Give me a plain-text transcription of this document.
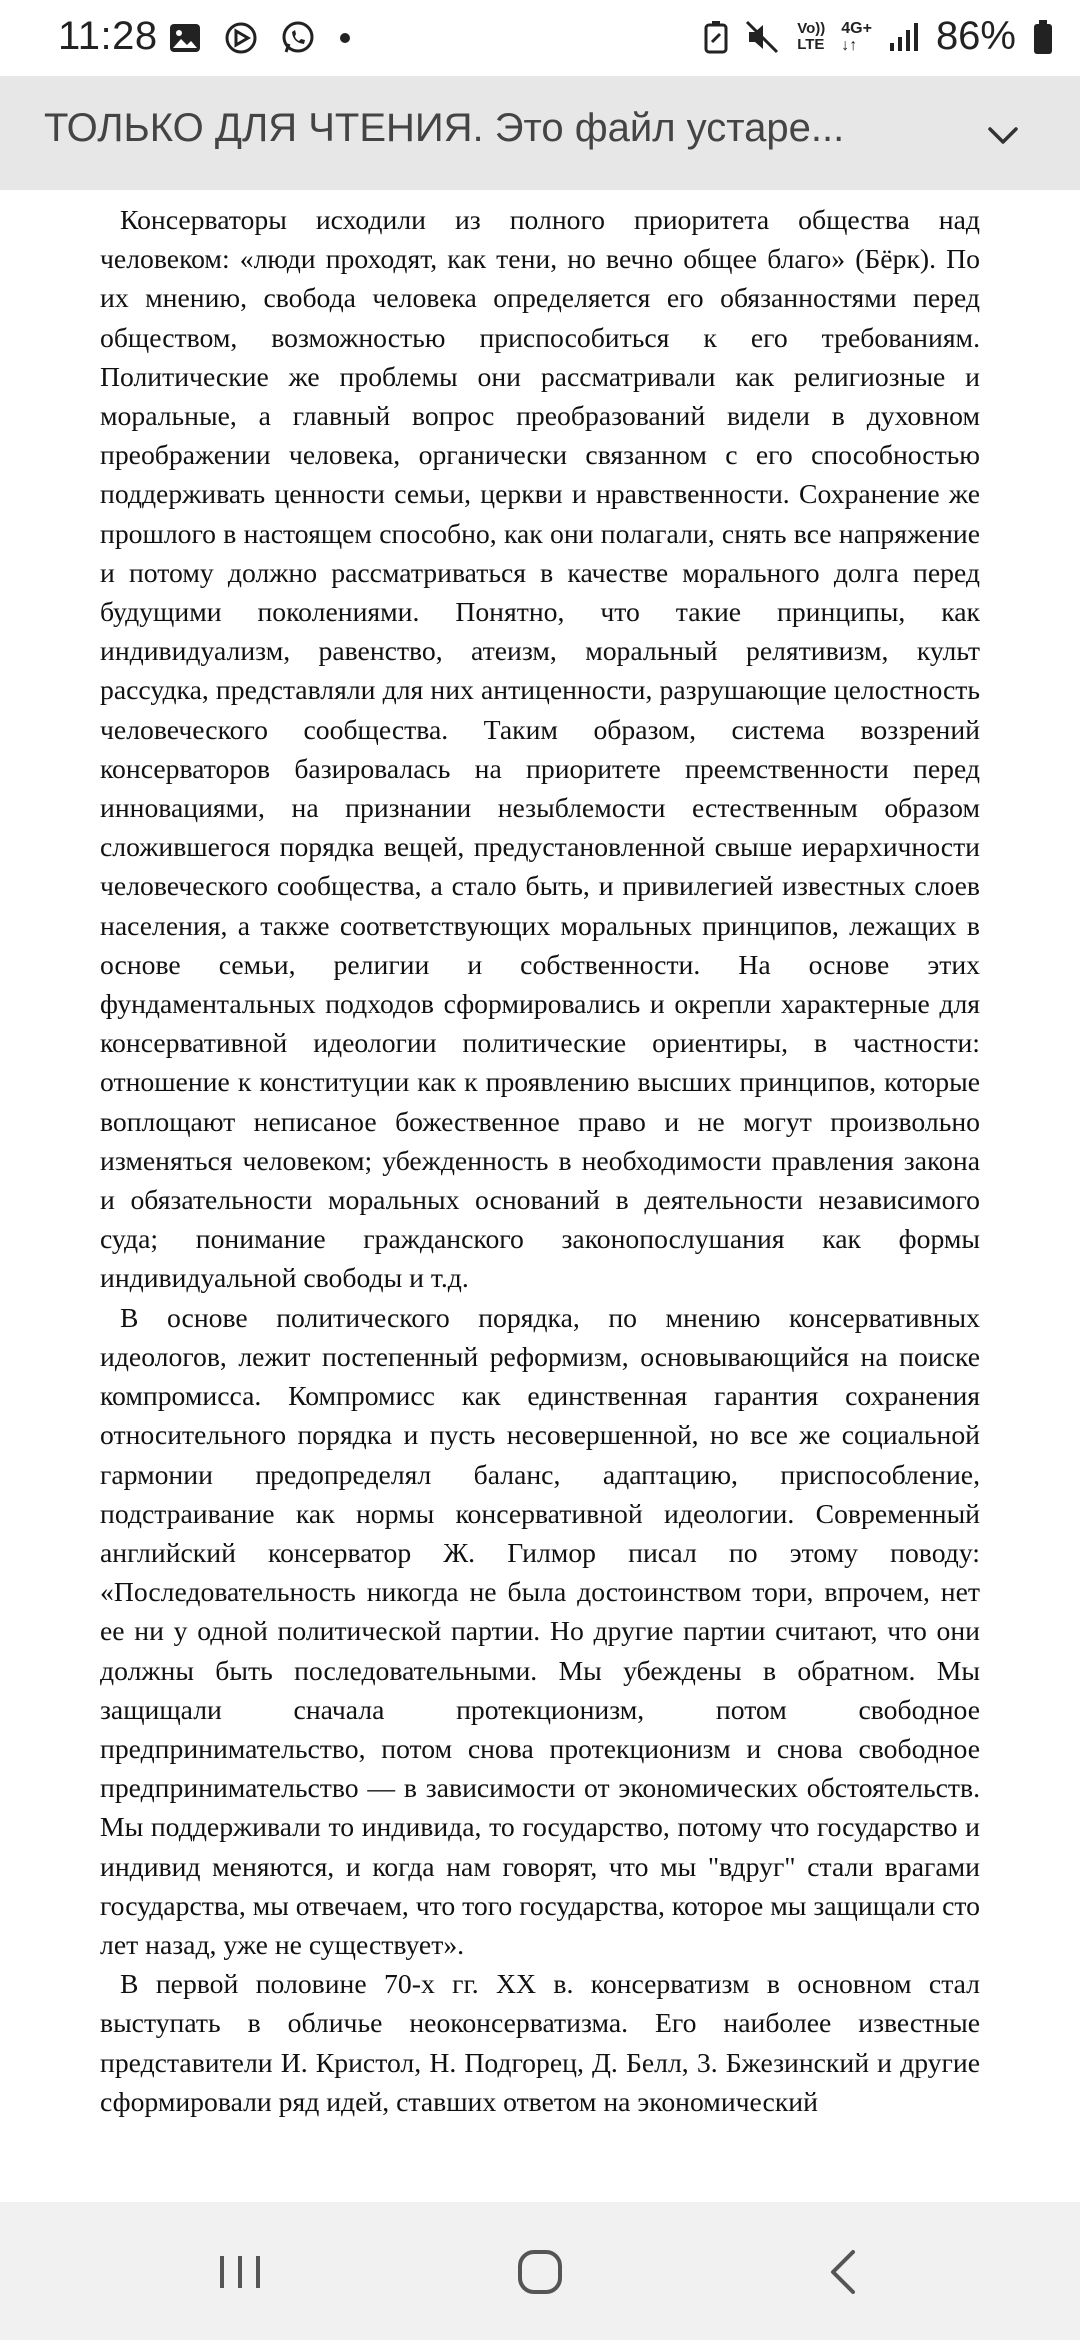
11:28	Vo))
LTE
4G+
↓↑	86%
ТОЛЬКО ДЛЯ ЧТЕНИЯ. Это файл устаре...

Консерваторы исходили из полного приоритета общества над человеком: «люди проходят, как тени, но вечно общее благо» (Бёрк). По их мнению, свобода человека определяется его обязанностями перед обществом, возможностью приспособиться к его требованиям. Политические же проблемы они рассматривали как религиозные и моральные, а главный вопрос преобразований видели в духовном преображении человека, органически связанном с его способностью поддерживать ценности семьи, церкви и нравственности. Сохранение же прошлого в настоящем способно, как они полагали, снять все напряжение и потому должно рассматриваться в качестве морального долга перед будущими поколениями. Понятно, что такие принципы, как индивидуализм, равенство, атеизм, моральный релятивизм, культ рассудка, представляли для них антиценности, разрушающие целостность человеческого сообщества. Таким образом, система воззрений консерваторов базировалась на приоритете преемственности перед инновациями, на признании незыблемости естественным образом сложившегося порядка вещей, предустановленной свыше иерархичности человеческого сообщества, а стало быть, и привилегией известных слоев населения, а также соответствующих моральных принципов, лежащих в основе семьи, религии и собственности. На основе этих фундаментальных подходов сформировались и окрепли характерные для консервативной идеологии политические ориентиры, в частности: отношение к конституции как к проявлению высших принципов, которые воплощают неписаное божественное право и не могут произвольно изменяться человеком; убежденность в необходимости правления закона и обязательности моральных оснований в деятельности независимого суда; понимание гражданского законопослушания как формы индивидуальной свободы и т.д.

В основе политического порядка, по мнению консервативных идеологов, лежит постепенный реформизм, основывающийся на поиске компромисса. Компромисс как единственная гарантия сохранения относительного порядка и пусть несовершенной, но все же социальной гармонии предопределял баланс, адаптацию, приспособление, подстраивание как нормы консервативной идеологии. Современный английский консерватор Ж. Гилмор писал по этому поводу: «Последовательность никогда не была достоинством тори, впрочем, нет ее ни у одной политической партии. Но другие партии считают, что они должны быть последовательными. Мы убеждены в обратном. Мы защищали сначала протекционизм, потом свободное предпринимательство, потом снова протекционизм и снова свободное предпринимательство — в зависимости от экономических обстоятельств. Мы поддерживали то индивида, то государство, потому что государство и индивид меняются, и когда нам говорят, что мы "вдруг" стали врагами государства, мы отвечаем, что того государства, которое мы защищали сто лет назад, уже не существует».

В первой половине 70-х гг. XX в. консерватизм в основном стал выступать в обличье неоконсерватизма. Его наиболее известные представители И. Кристол, Н. Подгорец, Д. Белл, 3. Бжезинский и другие сформировали ряд идей, ставших ответом на экономический
